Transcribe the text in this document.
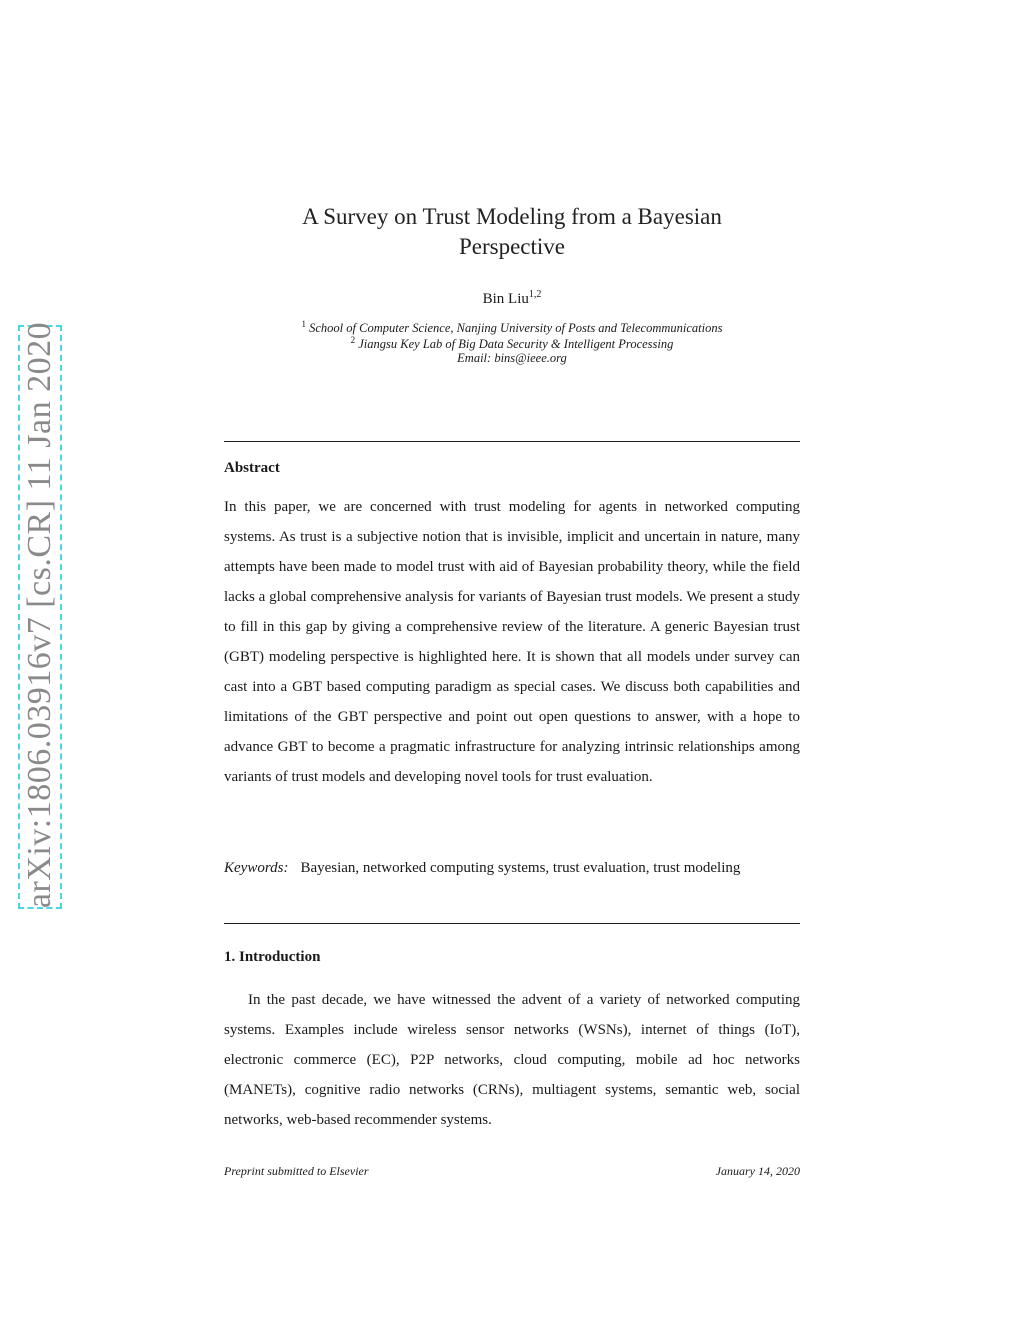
arXiv:1806.03916v7 [cs.CR] 11 Jan 2020
A Survey on Trust Modeling from a Bayesian
Perspective
Bin Liu$^{1,2}$
$^1$ School of Computer Science, Nanjing University of Posts and Telecommunications
$^2$ Jiangsu Key Lab of Big Data Security & Intelligent Processing
Email: bins@ieee.org
Abstract
In this paper, we are concerned with trust modeling for agents in networked computing systems. As trust is a subjective notion that is invisible, implicit and uncertain in nature, many attempts have been made to model trust with aid of Bayesian probability theory, while the field lacks a global comprehensive analysis for variants of Bayesian trust models. We present a study to fill in this gap by giving a comprehensive review of the literature. A generic Bayesian trust (GBT) modeling perspective is highlighted here. It is shown that all models under survey can cast into a GBT based computing paradigm as special cases. We discuss both capabilities and limitations of the GBT perspective and point out open questions to answer, with a hope to advance GBT to become a pragmatic infrastructure for analyzing intrinsic relationships among variants of trust models and developing novel tools for trust evaluation.
Keywords: Bayesian, networked computing systems, trust evaluation, trust modeling
1. Introduction
In the past decade, we have witnessed the advent of a variety of networked computing systems. Examples include wireless sensor networks (WSNs), internet of things (IoT), electronic commerce (EC), P2P networks, cloud computing, mobile ad hoc networks (MANETs), cognitive radio networks (CRNs), multiagent systems, semantic web, social networks, web-based recommender systems.
Preprint submitted to Elsevier	January 14, 2020
